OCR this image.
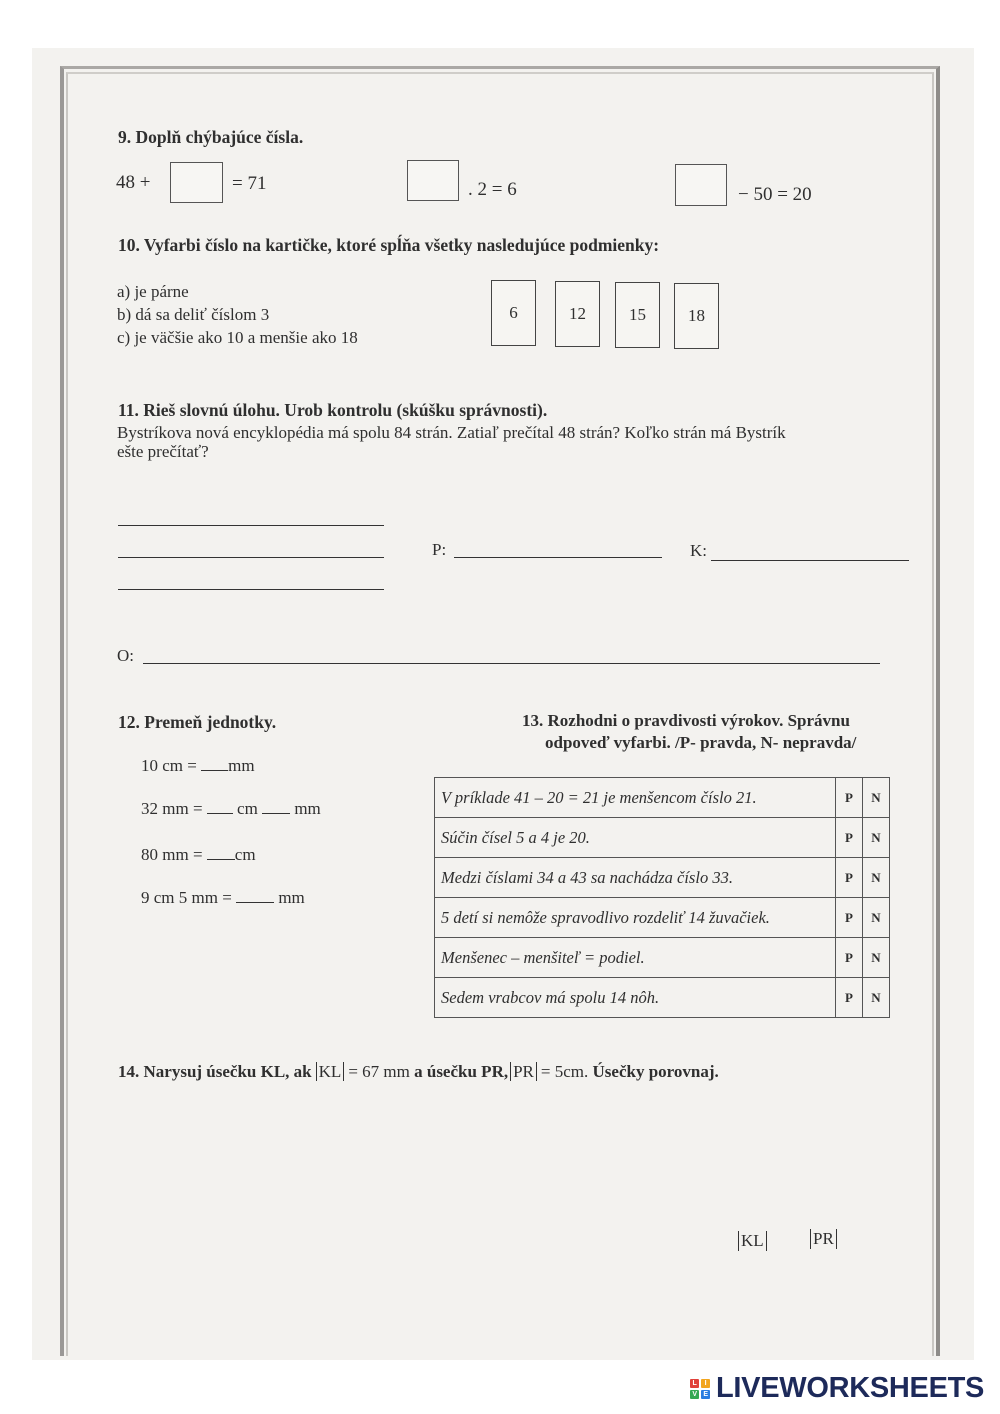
9. Doplň chýbajúce čísla.
48 +	= 71	. 2 = 6	− 50 = 20
10. Vyfarbi číslo na kartičke, ktoré spĺňa všetky nasledujúce podmienky:
a) je párne
b) dá sa deliť číslom 3
c) je väčšie ako 10 a menšie ako 18
6	12	15	18
11. Rieš slovnú úlohu. Urob kontrolu (skúšku správnosti).
Bystríkova nová encyklopédia má spolu 84 strán. Zatiaľ prečítal 48 strán? Koľko strán má Bystrík
ešte prečítať?
P:	K:
O:
12. Premeň jednotky.
10 cm = mm
32 mm = cm mm
80 mm = cm
9 cm 5 mm =	mm
13. Rozhodni o pravdivosti výrokov. Správnu
odpoveď vyfarbi. /P- pravda, N- nepravda/
V príklade 41 – 20 = 21 je menšencom číslo 21.	P	N
Súčin čísel 5 a 4 je 20.	P	N
Medzi číslami 34 a 43 sa nachádza číslo 33.	P	N
5 detí si nemôže spravodlivo rozdeliť 14 žuvačiek.	P	N
Menšenec – menšiteľ = podiel.	P	N
Sedem vrabcov má spolu 14 nôh.	P	N
14. Narysuj úsečku KL, ak KL = 67 mm a úsečku PR, PR = 5cm. Úsečky porovnaj.
KL	PR
L	I
V E LIVEWORKSHEETS
